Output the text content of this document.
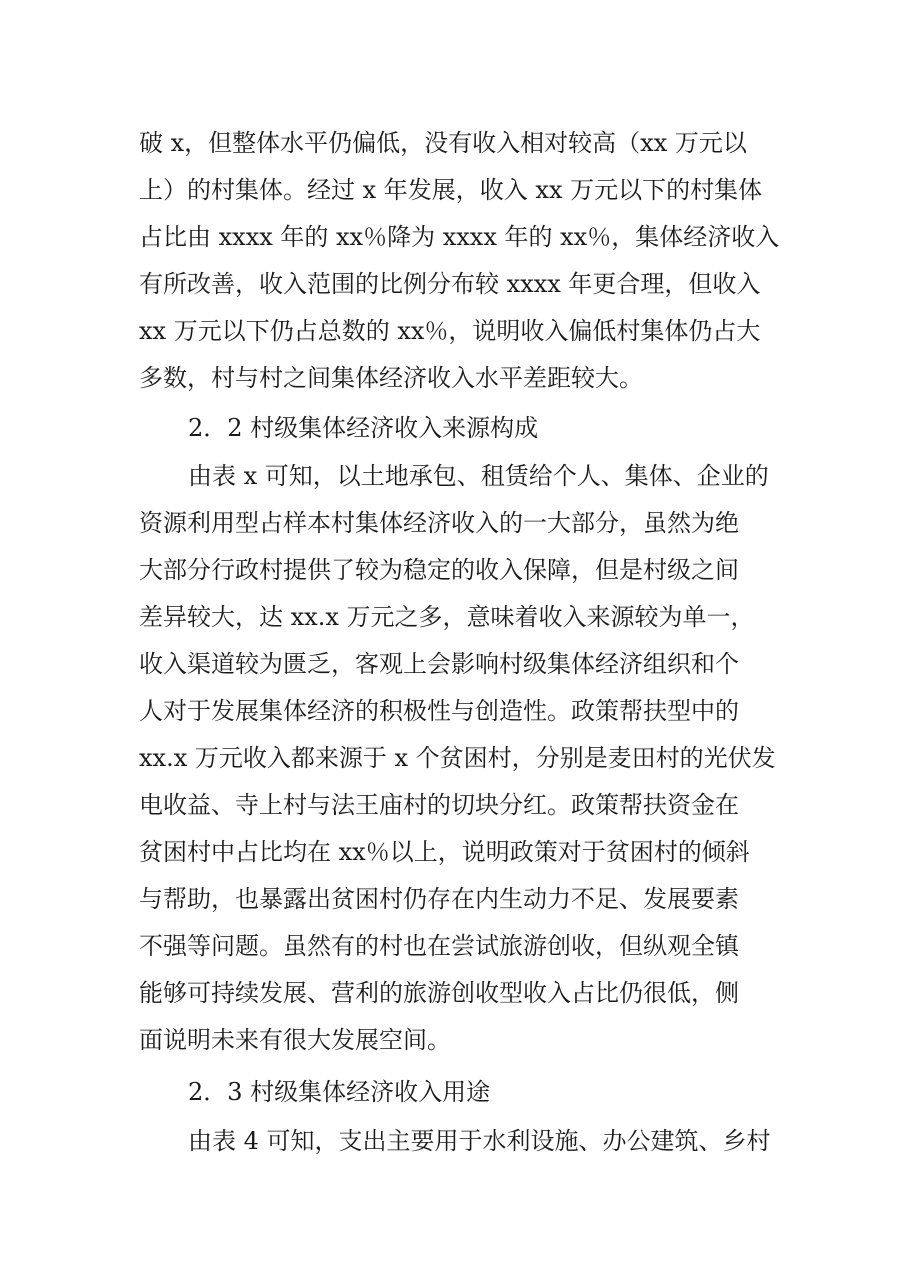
破 x，但整体水平仍偏低，没有收入相对较高（xx 万元以
上）的村集体。经过 x 年发展，收入 xx 万元以下的村集体
占比由 xxxx 年的 xx％降为 xxxx 年的 xx％，集体经济收入
有所改善，收入范围的比例分布较 xxxx 年更合理，但收入
xx 万元以下仍占总数的 xx％，说明收入偏低村集体仍占大
多数，村与村之间集体经济收入水平差距较大。
2．2 村级集体经济收入来源构成
由表 x 可知，以土地承包、租赁给个人、集体、企业的
资源利用型占样本村集体经济收入的一大部分，虽然为绝
大部分行政村提供了较为稳定的收入保障，但是村级之间
差异较大，达 xx.x 万元之多，意味着收入来源较为单一，
收入渠道较为匮乏，客观上会影响村级集体经济组织和个
人对于发展集体经济的积极性与创造性。政策帮扶型中的
xx.x 万元收入都来源于 x 个贫困村，分别是麦田村的光伏发
电收益、寺上村与法王庙村的切块分红。政策帮扶资金在
贫困村中占比均在 xx％以上，说明政策对于贫困村的倾斜
与帮助，也暴露出贫困村仍存在内生动力不足、发展要素
不强等问题。虽然有的村也在尝试旅游创收，但纵观全镇
能够可持续发展、营利的旅游创收型收入占比仍很低，侧
面说明未来有很大发展空间。
2．3 村级集体经济收入用途
由表 4 可知，支出主要用于水利设施、办公建筑、乡村
